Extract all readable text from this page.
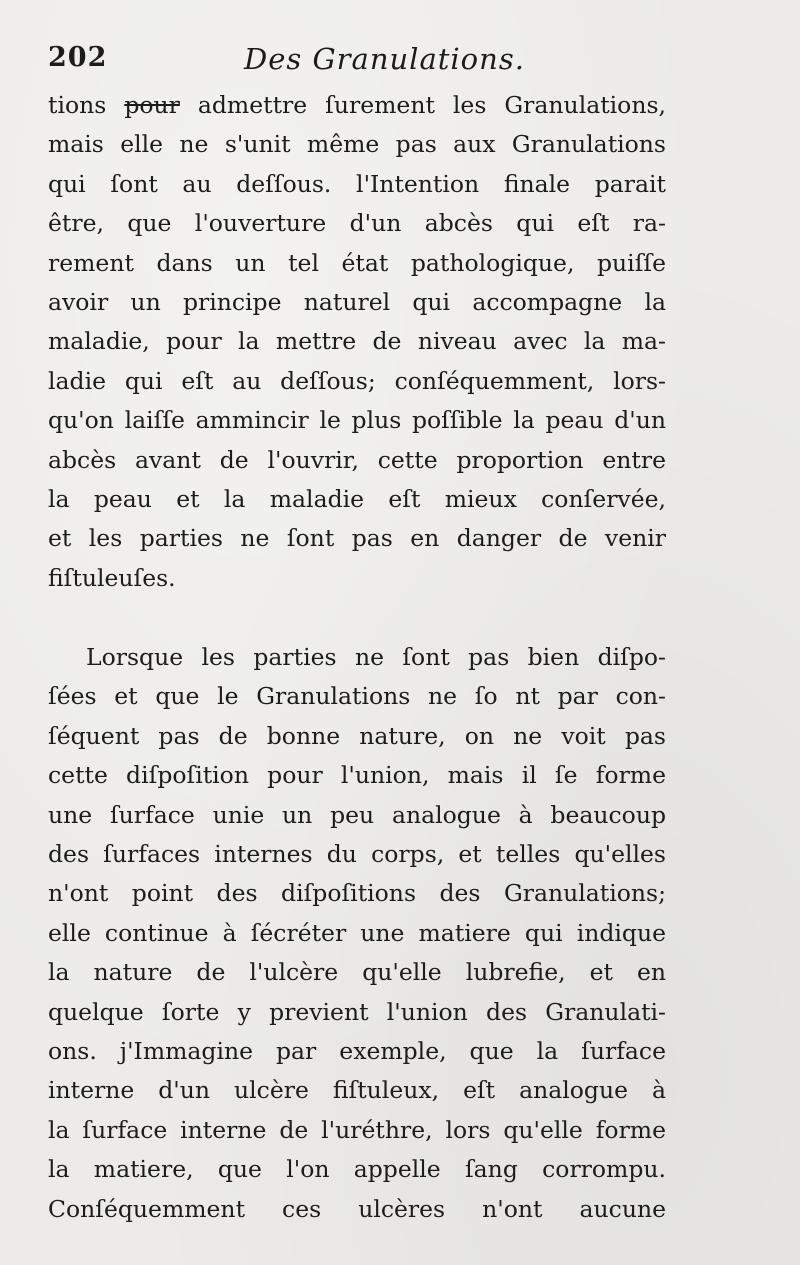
202	Des Granulations.
tions pour admettre ſurement les Granulations,
mais elle ne s'unit même pas aux Granulations
qui ſont au deſſous. l'Intention finale parait
être, que l'ouverture d'un abcès qui eſt ra-
rement dans un tel état pathologique, puiſſe
avoir un principe naturel qui accompagne la
maladie, pour la mettre de niveau avec la ma-
ladie qui eſt au deſſous; conſéquemment, lors-
qu'on laiſſe ammincir le plus poſſible la peau d'un
abcès avant de l'ouvrir, cette proportion entre
la peau et la maladie eſt mieux conſervée,
et les parties ne ſont pas en danger de venir
fiſtuleuſes.
Lorsque les parties ne ſont pas bien diſpo-
ſées et que le Granulations ne ſo nt par con-
ſéquent pas de bonne nature, on ne voit pas
cette diſpoſition pour l'union, mais il ſe forme
une ſurface unie un peu analogue à beaucoup
des ſurfaces internes du corps, et telles qu'elles
n'ont point des diſpoſitions des Granulations;
elle continue à ſécréter une matiere qui indique
la nature de l'ulcère qu'elle lubrefie, et en
quelque ſorte y previent l'union des Granulati-
ons. j'Immagine par exemple, que la ſurface
interne d'un ulcère fiſtuleux, eſt analogue à
la ſurface interne de l'uréthre, lors qu'elle forme
la matiere, que l'on appelle ſang corrompu.
Conſéquemment ces ulcères n'ont aucune
